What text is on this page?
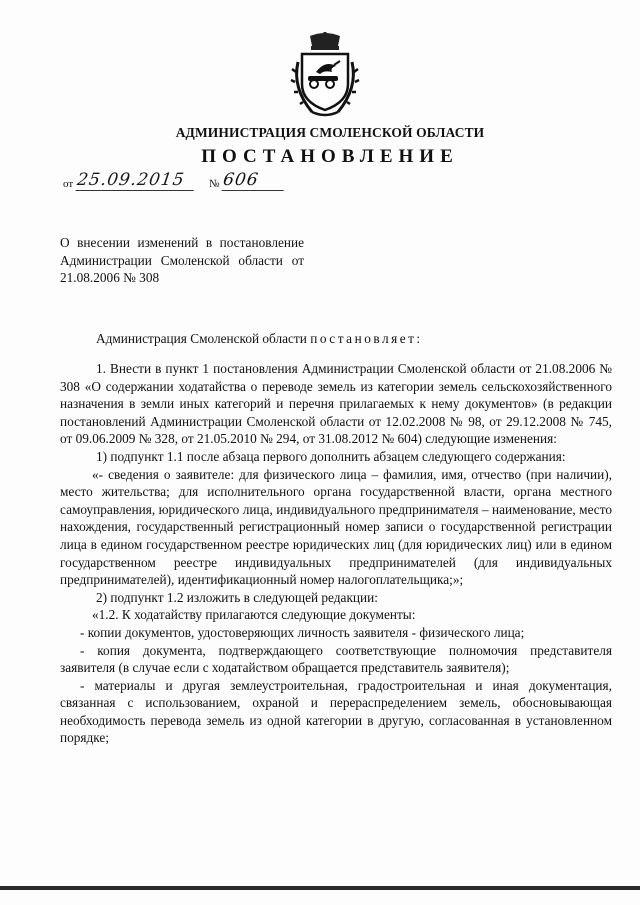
АДМИНИСТРАЦИЯ СМОЛЕНСКОЙ ОБЛАСТИ
ПОСТАНОВЛЕНИЕ
от 25.09.2015	№ 606
О внесении изменений в постановление Администрации Смоленской области от 21.08.2006 № 308
Администрация Смоленской области постановляет:

1. Внести в пункт 1 постановления Администрации Смоленской области от 21.08.2006 № 308 «О содержании ходатайства о переводе земель из категории земель сельскохозяйственного назначения в земли иных категорий и перечня прилагаемых к нему документов» (в редакции постановлений Администрации Смоленской области от 12.02.2008 № 98, от 29.12.2008 № 745, от 09.06.2009 № 328, от 21.05.2010 № 294, от 31.08.2012 № 604) следующие изменения:

1) подпункт 1.1 после абзаца первого дополнить абзацем следующего содержания:

«- сведения о заявителе: для физического лица – фамилия, имя, отчество (при наличии), место жительства; для исполнительного органа государственной власти, органа местного самоуправления, юридического лица, индивидуального предпринимателя – наименование, место нахождения, государственный регистрационный номер записи о государственной регистрации лица в едином государственном реестре юридических лиц (для юридических лиц) или в едином государственном реестре индивидуальных предпринимателей (для индивидуальных предпринимателей), идентификационный номер налогоплательщика;»;

2) подпункт 1.2 изложить в следующей редакции:

«1.2. К ходатайству прилагаются следующие документы:

- копии документов, удостоверяющих личность заявителя - физического лица;

- копия документа, подтверждающего соответствующие полномочия представителя заявителя (в случае если с ходатайством обращается представитель заявителя);

- материалы и другая землеустроительная, градостроительная и иная документация, связанная с использованием, охраной и перераспределением земель, обосновывающая необходимость перевода земель из одной категории в другую, согласованная в установленном порядке;
